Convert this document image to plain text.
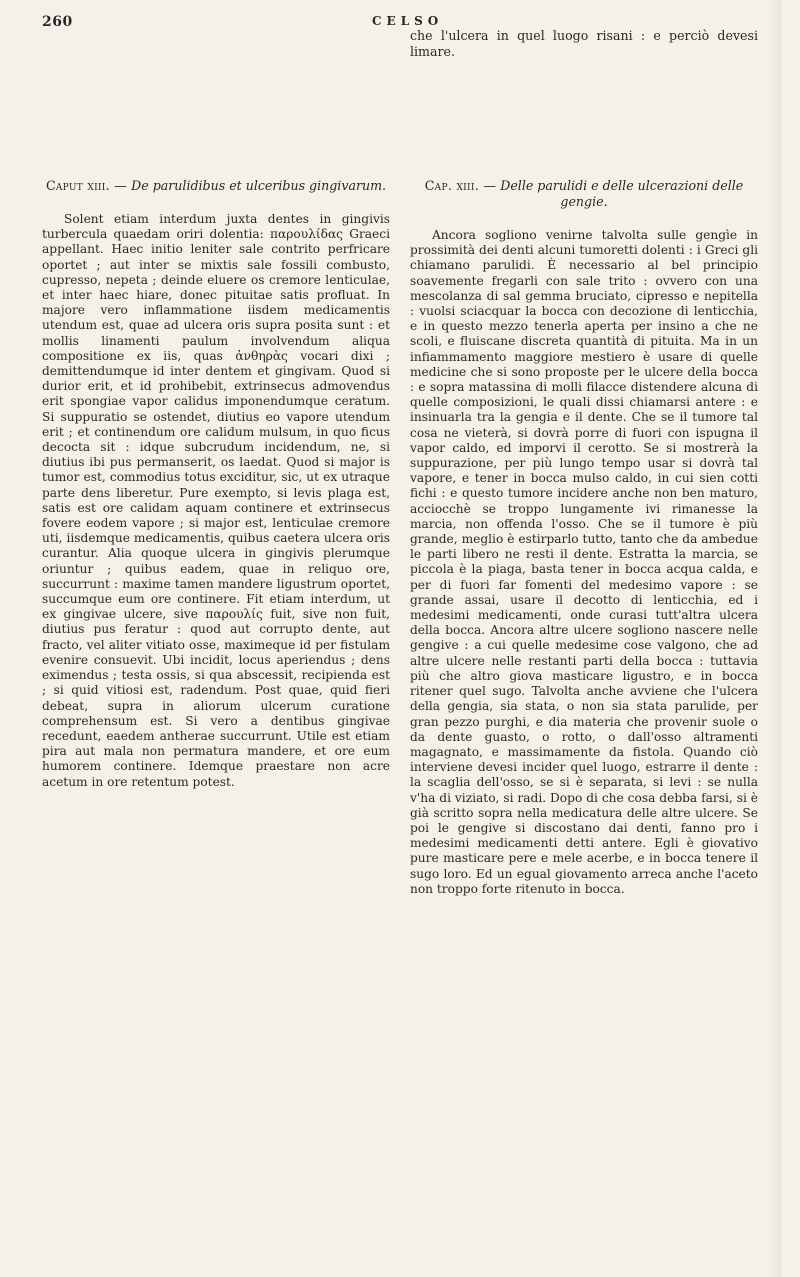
260	CELSO
che l'ulcera in quel luogo risani : e perciò devesi limare.
Caput xiii. — De parulidibus et ulceribus gingivarum.

Solent etiam interdum juxta dentes in gingivis turbercula quaedam oriri dolentia: παρουλίδας Graeci appellant. Haec initio leniter sale contrito perfricare oportet ; aut inter se mixtis sale fossili combusto, cupresso, nepeta ; deinde eluere os cremore lenticulae, et inter haec hiare, donec pituitae satis profluat. In majore vero inflammatione iisdem medicamentis utendum est, quae ad ulcera oris supra posita sunt : et mollis linamenti paulum involvendum aliqua compositione ex iis, quas ἀνθηρὰς vocari dixi ; demittendumque id inter dentem et gingivam. Quod si durior erit, et id prohibebit, extrinsecus admovendus erit spongiae vapor calidus imponendumque ceratum. Si suppuratio se ostendet, diutius eo vapore utendum erit ; et continendum ore calidum mulsum, in quo ficus decocta sit : idque subcrudum incidendum, ne, si diutius ibi pus permanserit, os laedat. Quod si major is tumor est, commodius totus exciditur, sic, ut ex utraque parte dens liberetur. Pure exempto, si levis plaga est, satis est ore calidam aquam continere et extrinsecus fovere eodem vapore ; si major est, lenticulae cremore uti, iisdemque medicamentis, quibus caetera ulcera oris curantur. Alia quoque ulcera in gingivis plerumque oriuntur ; quibus eadem, quae in reliquo ore, succurrunt : maxime tamen mandere ligustrum oportet, succumque eum ore continere. Fit etiam interdum, ut ex gingivae ulcere, sive παρουλίς fuit, sive non fuit, diutius pus feratur : quod aut corrupto dente, aut fracto, vel aliter vitiato osse, maximeque id per fistulam evenire consuevit. Ubi incidit, locus aperiendus ; dens eximendus ; testa ossis, si qua abscessit, recipienda est ; si quid vitiosi est, radendum. Post quae, quid fieri debeat, supra in aliorum ulcerum curatione comprehensum est. Si vero a dentibus gingivae recedunt, eaedem antherae succurrunt. Utile est etiam pira aut mala non permatura mandere, et ore eum humorem continere. Idemque praestare non acre acetum in ore retentum potest.

Cap. xiii. — Delle parulidi e delle ulcerazioni delle gengie.

Ancora sogliono venirne talvolta sulle gengìe in prossimità dei denti alcuni tumoretti dolenti : i Greci gli chiamano parulidi. È necessario al bel principio soavemente fregarli con sale trito : ovvero con una mescolanza di sal gemma bruciato, cipresso e nepitella : vuolsi sciacquar la bocca con decozione di lenticchia, e in questo mezzo tenerla aperta per insino a che ne scoli, e fluiscane discreta quantità di pituita. Ma in un infiammamento maggiore mestiero è usare di quelle medicine che si sono proposte per le ulcere della bocca : e sopra matassina di molli filacce distendere alcuna di quelle composizioni, le quali dissi chiamarsi antere : e insinuarla tra la gengia e il dente. Che se il tumore tal cosa ne vieterà, si dovrà porre di fuori con ispugna il vapor caldo, ed imporvi il cerotto. Se si mostrerà la suppurazione, per più lungo tempo usar si dovrà tal vapore, e tener in bocca mulso caldo, in cui sien cotti fichi : e questo tumore incidere anche non ben maturo, acciocchè se troppo lungamente ivi rimanesse la marcia, non offenda l'osso. Che se il tumore è più grande, meglio è estirparlo tutto, tanto che da ambedue le parti libero ne resti il dente. Estratta la marcia, se piccola è la piaga, basta tener in bocca acqua calda, e per di fuori far fomenti del medesimo vapore : se grande assai, usare il decotto di lenticchia, ed i medesimi medicamenti, onde curasi tutt'altra ulcera della bocca. Ancora altre ulcere sogliono nascere nelle gengive : a cui quelle medesime cose valgono, che ad altre ulcere nelle restanti parti della bocca : tuttavia più che altro giova masticare ligustro, e in bocca ritener quel sugo. Talvolta anche avviene che l'ulcera della gengia, sia stata, o non sia stata parulide, per gran pezzo purghi, e dia materia che provenir suole o da dente guasto, o rotto, o dall'osso altramenti magagnato, e massimamente da fistola. Quando ciò interviene devesi incider quel luogo, estrarre il dente : la scaglia dell'osso, se si è separata, si levi : se nulla v'ha di viziato, si radi. Dopo di che cosa debba farsi, si è già scritto sopra nella medicatura delle altre ulcere. Se poi le gengive si discostano dai denti, fanno pro i medesimi medicamenti detti antere. Egli è giovativo pure masticare pere e mele acerbe, e in bocca tenere il sugo loro. Ed un egual giovamento arreca anche l'aceto non troppo forte ritenuto in bocca.
